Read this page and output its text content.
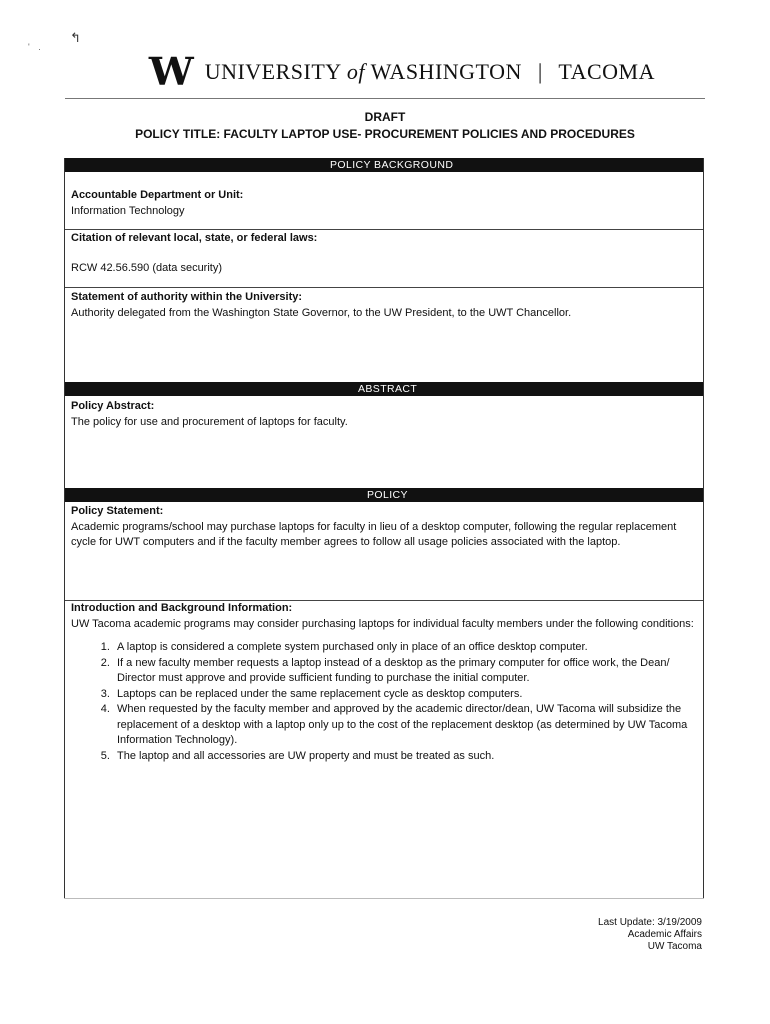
↰
' .
W UNIVERSITY of WASHINGTON | TACOMA
DRAFT
POLICY TITLE: FACULTY LAPTOP USE- PROCUREMENT POLICIES AND PROCEDURES
POLICY BACKGROUND
Accountable Department or Unit:
Information Technology
Citation of relevant local, state, or federal laws:
RCW 42.56.590 (data security)
Statement of authority within the University:
Authority delegated from the Washington State Governor, to the UW President, to the UWT Chancellor.
ABSTRACT
Policy Abstract:
The policy for use and procurement of laptops for faculty.
POLICY
Policy Statement:

Academic programs/school may purchase laptops for faculty in lieu of a desktop computer, following the regular replacement cycle for UWT computers and if the faculty member agrees to follow all usage policies associated with the laptop.

Introduction and Background Information:

UW Tacoma academic programs may consider purchasing laptops for individual faculty members under the following conditions:

1. A laptop is considered a complete system purchased only in place of an office desktop computer.
2. If a new faculty member requests a laptop instead of a desktop as the primary computer for office work, the Dean/ Director must approve and provide sufficient funding to purchase the initial computer.
3. Laptops can be replaced under the same replacement cycle as desktop computers.
4. When requested by the faculty member and approved by the academic director/dean, UW Tacoma will subsidize the replacement of a desktop with a laptop only up to the cost of the replacement desktop (as determined by UW Tacoma Information Technology).
5. The laptop and all accessories are UW property and must be treated as such.
Last Update: 3/19/2009
Academic Affairs
UW Tacoma
